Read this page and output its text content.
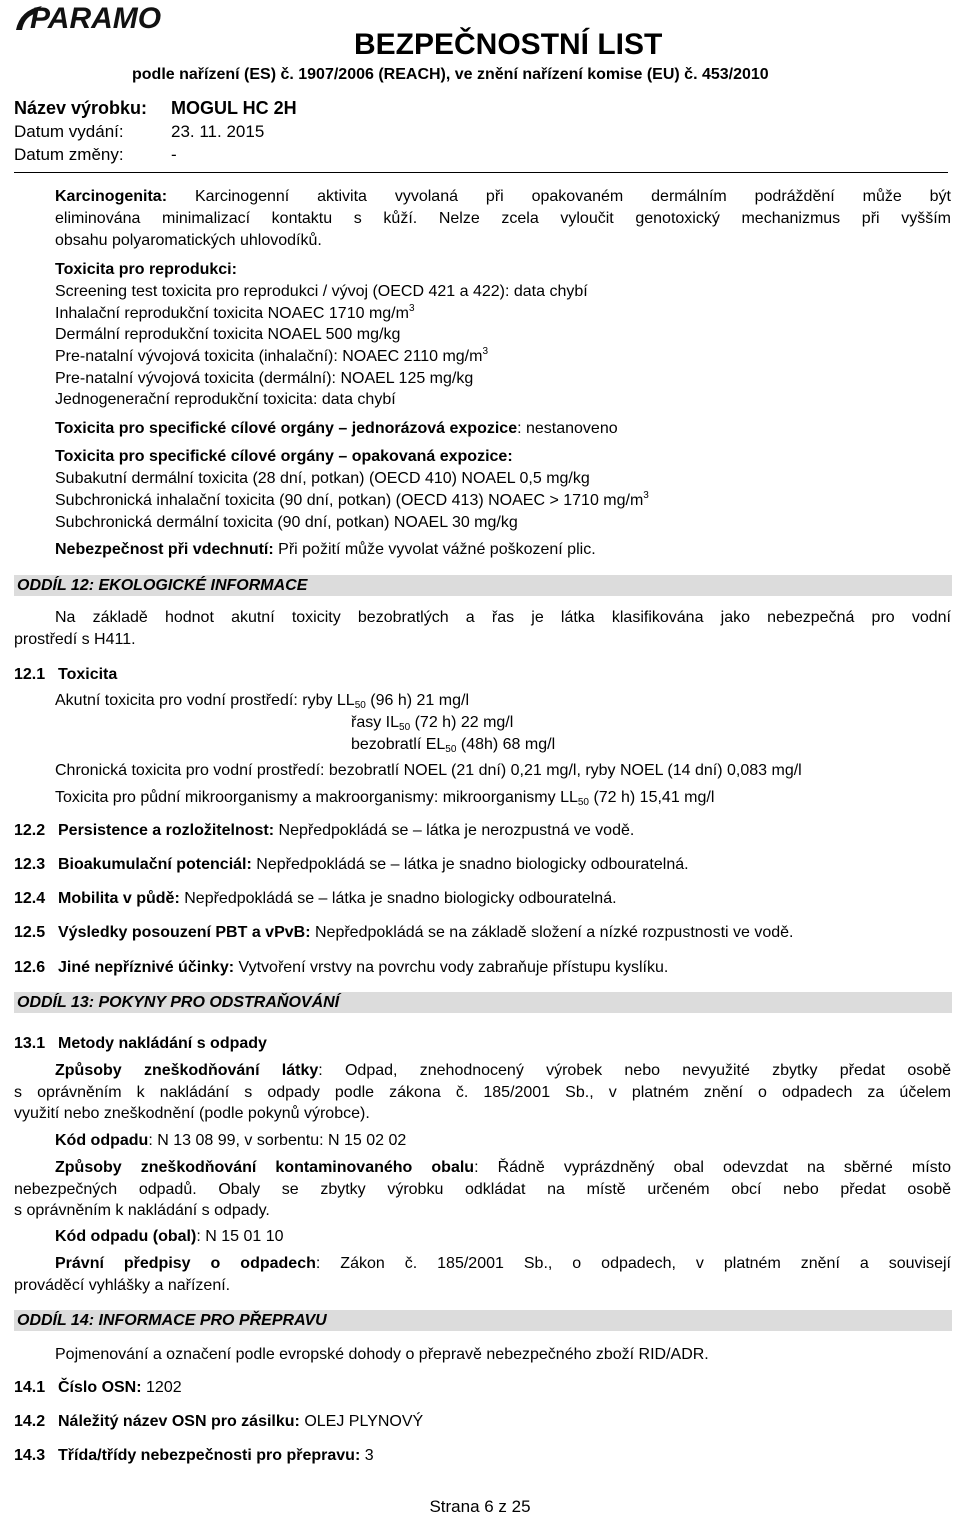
PARAMO
BEZPEČNOSTNÍ LIST
podle nařízení (ES) č. 1907/2006 (REACH), ve znění nařízení komise (EU) č. 453/2010
Název výrobku: MOGUL HC 2H
Datum vydání:	23. 11. 2015
Datum změny:	-
Karcinogenita: Karcinogenní aktivita vyvolaná při opakovaném dermálním podráždění může být
eliminována minimalizací kontaktu s kůží. Nelze zcela vyloučit genotoxický mechanizmus při vyšším
obsahu polyaromatických uhlovodíků.
Toxicita pro reprodukci:
Screening test toxicita pro reprodukci / vývoj (OECD 421 a 422): data chybí
Inhalační reprodukční toxicita NOAEC 1710 $mg/m^3$
Dermální reprodukční toxicita NOAEL 500 mg/kg
Pre-natalní vývojová toxicita (inhalační): NOAEC 2110 $mg/m^3$
Pre-natalní vývojová toxicita (dermální): NOAEL 125 mg/kg
Jednogenerační reprodukční toxicita: data chybí
Toxicita pro specifické cílové orgány – jednorázová expozice: nestanoveno
Toxicita pro specifické cílové orgány – opakovaná expozice:
Subakutní dermální toxicita (28 dní, potkan) (OECD 410) NOAEL 0,5 mg/kg
Subchronická inhalační toxicita (90 dní, potkan) (OECD 413) NOAEC > 1710 $mg/m^3$
Subchronická dermální toxicita (90 dní, potkan) NOAEL 30 mg/kg
Nebezpečnost při vdechnutí: Při požití může vyvolat vážné poškození plic.
ODDÍL 12: EKOLOGICKÉ INFORMACE
Na základě hodnot akutní toxicity bezobratlých a řas je látka klasifikována jako nebezpečná pro vodní
prostředí s H411.
12.1 Toxicita
Akutní toxicita pro vodní prostředí: ryby $LL_{50}$ (96 h) 21 mg/l
řasy $IL_{50}$ (72 h) 22 mg/l
bezobratlí $EL_{50}$ (48h) 68 mg/l
Chronická toxicita pro vodní prostředí: bezobratlí NOEL (21 dní) 0,21 mg/l, ryby NOEL (14 dní) 0,083 mg/l
Toxicita pro půdní mikroorganismy a makroorganismy: mikroorganismy $LL_{50}$ (72 h) 15,41 mg/l
12.2 Persistence a rozložitelnost: Nepředpokládá se – látka je nerozpustná ve vodě.
12.3 Bioakumulační potenciál: Nepředpokládá se – látka je snadno biologicky odbouratelná.
12.4 Mobilita v půdě: Nepředpokládá se – látka je snadno biologicky odbouratelná.
12.5 Výsledky posouzení PBT a vPvB: Nepředpokládá se na základě složení a nízké rozpustnosti ve vodě.
12.6 Jiné nepříznivé účinky: Vytvoření vrstvy na povrchu vody zabraňuje přístupu kyslíku.
ODDÍL 13: POKYNY PRO ODSTRAŇOVÁNÍ
13.1 Metody nakládání s odpady
Způsoby zneškodňování látky: Odpad, znehodnocený výrobek nebo nevyužité zbytky předat osobě
s oprávněním k nakládání s odpady podle zákona č. 185/2001 Sb., v platném znění o odpadech za účelem
využití nebo zneškodnění (podle pokynů výrobce).
Kód odpadu: N 13 08 99, v sorbentu: N 15 02 02
Způsoby zneškodňování kontaminovaného obalu: Řádně vyprázdněný obal odevzdat na sběrné místo
nebezpečných odpadů. Obaly se zbytky výrobku odkládat na místě určeném obcí nebo předat osobě
s oprávněním k nakládání s odpady.
Kód odpadu (obal): N 15 01 10
Právní předpisy o odpadech: Zákon č. 185/2001 Sb., o odpadech, v platném znění a souvisejí
prováděcí vyhlášky a nařízení.
ODDÍL 14: INFORMACE PRO PŘEPRAVU
Pojmenování a označení podle evropské dohody o přepravě nebezpečného zboží RID/ADR.
14.1 Číslo OSN: 1202
14.2 Náležitý název OSN pro zásilku: OLEJ PLYNOVÝ
14.3 Třída/třídy nebezpečnosti pro přepravu: 3
Strana 6 z 25
